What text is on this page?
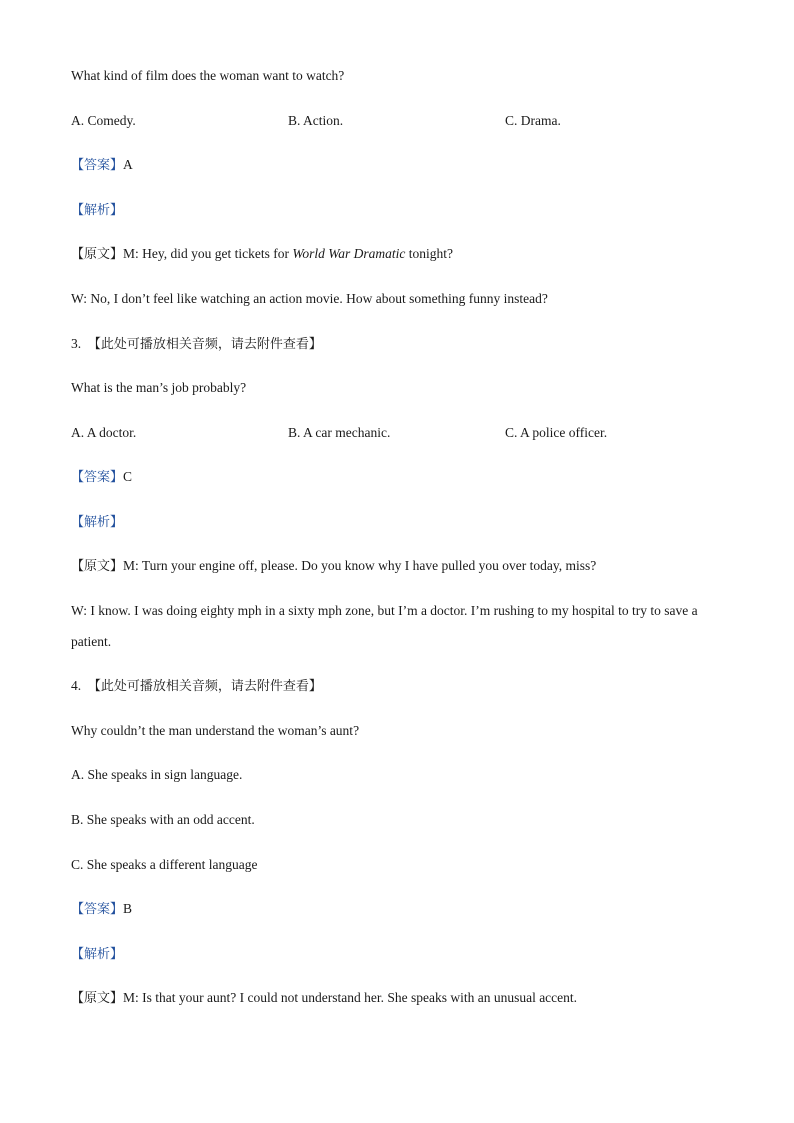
What kind of film does the woman want to watch?
A. Comedy.	B. Action.	C. Drama.
【答案】A
【解析】
【原文】M: Hey, did you get tickets for World War Dramatic tonight?
W: No, I don’t feel like watching an action movie. How about something funny instead?
3. 【此处可播放相关音频，请去附件查看】
What is the man’s job probably?
A. A doctor.	B. A car mechanic.	C. A police officer.
【答案】C
【解析】
【原文】M: Turn your engine off, please. Do you know why I have pulled you over today, miss?
W: I know. I was doing eighty mph in a sixty mph zone, but I’m a doctor. I’m rushing to my hospital to try to save a patient.
4. 【此处可播放相关音频，请去附件查看】
Why couldn’t the man understand the woman’s aunt?
A. She speaks in sign language.
B. She speaks with an odd accent.
C. She speaks a different language
【答案】B
【解析】
【原文】M: Is that your aunt? I could not understand her. She speaks with an unusual accent.
